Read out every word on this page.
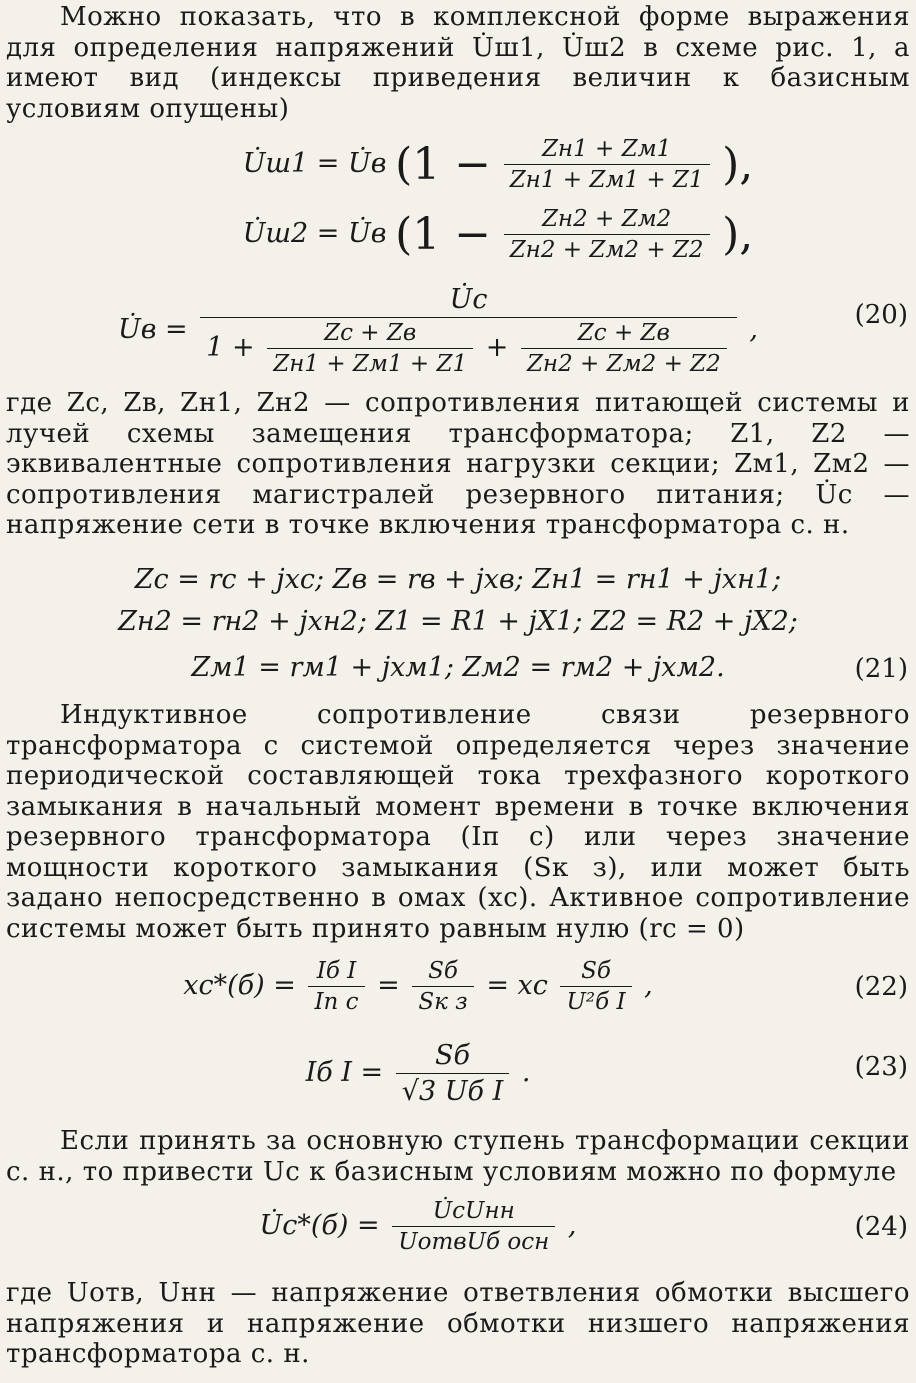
Можно показать, что в комплексной форме выражения для определения напряжений U̇ш1, U̇ш2 в схеме рис. 1, а имеют вид (индексы приведения величин к базисным условиям опущены)

U̇ш1 = U̇в ($1 - \frac{Zн1 + Zм1}{Zн1 + Zм1 + Z1}$ ),
U̇ш2 = U̇в ($1 - \frac{Zн2 + Zм2}{Zн2 + Zм2 + Z2}$ ),
U̇в =
U̇с
$1 + \frac{Zс + Zв}{Zн1 + Zм1 + Z1} + \frac{Zс + Zв}{Zн2 + Zм2 + Z2}$ ,	(20)

где Zс, Zв, Zн1, Zн2 — сопротивления питающей системы и лучей схемы замещения трансформатора; Z1, Z2 — эквивалентные сопротивления нагрузки секции; Zм1, Zм2 — сопротивления магистралей резервного питания; U̇с — напряжение сети в точке включения трансформатора с. н.

Zс = rс + jxс; Zв = rв + jxв; Zн1 = rн1 + jxн1;
Zн2 = rн2 + jxн2; Z1 = R1 + jX1; Z2 = R2 + jX2;
Zм1 = rм1 + jxм1; Zм2 = rм2 + jxм2.	(21)

Индуктивное сопротивление связи резервного трансформатора с системой определяется через значение периодической составляющей тока трехфазного короткого замыкания в начальный момент времени в точке включения резервного трансформатора (Iп с) или через значение мощности короткого замыкания (Sк з), или может быть задано непосредственно в омах (xс). Активное сопротивление системы может быть принято равным нулю (rс = 0)

$xс*(б) = \frac{\text{Iб I}}{\text{Iп с}} = \frac{Sб}{\text{Sк з}}$ = xс $\frac{Sб}{\text{U²б I}}$ ,	(22)
Iб $I = \frac{Sб}{\text{√3 Uб I}}$ .	(23)

Если принять за основную ступень трансформации секции с. н., то привести Uс к базисным условиям можно по формуле

U̇с*(б) = $\frac{\text{U̇сUнн}}{\text{UотвUб осн}}$ ,	(24)

где Uотв, Uнн — напряжение ответвления обмотки высшего напряжения и напряжение обмотки низшего напряжения трансформатора с. н.
